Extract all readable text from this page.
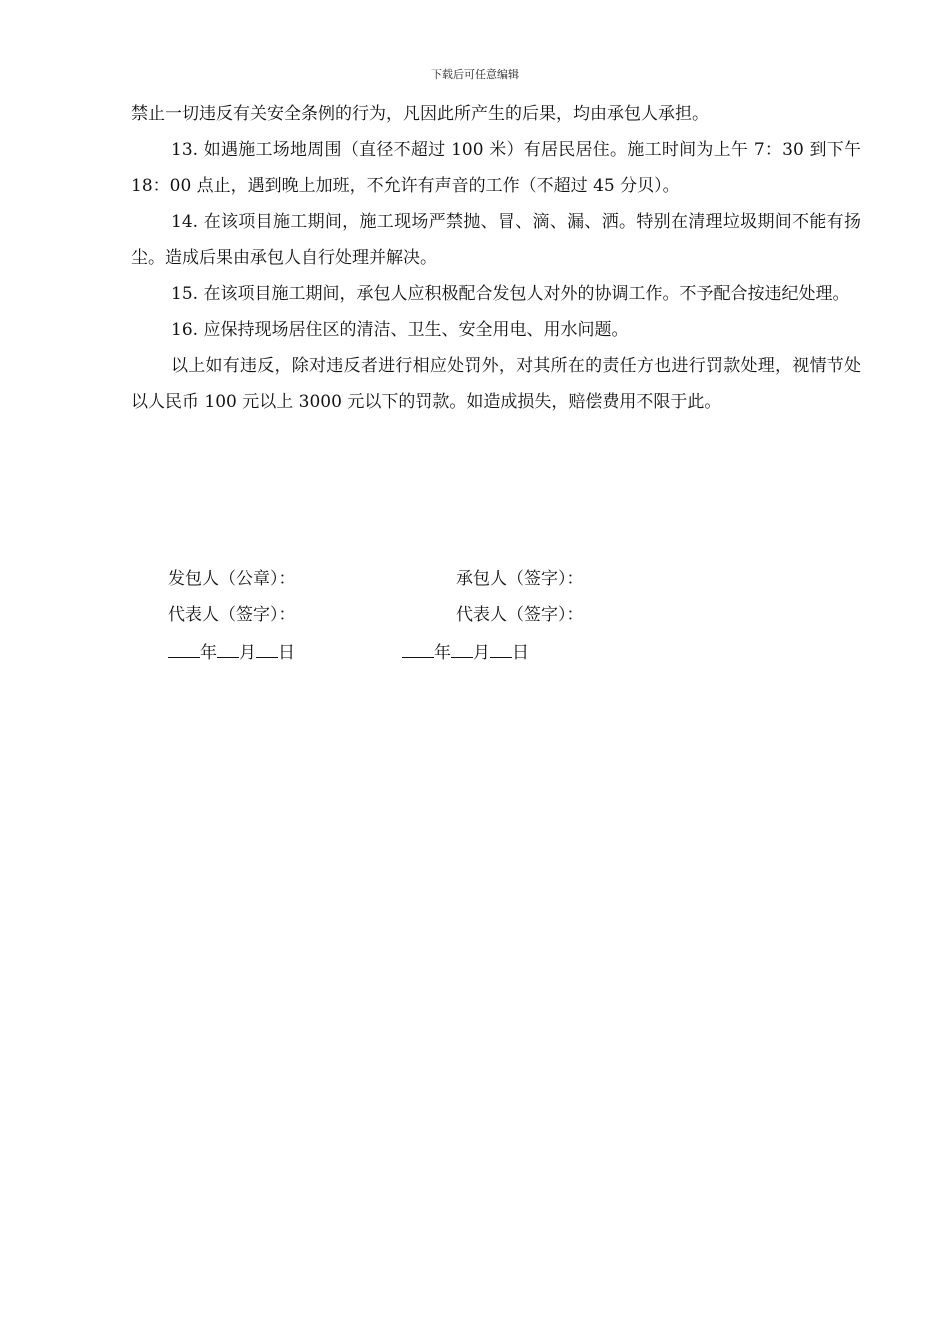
下载后可任意编辑

禁止一切违反有关安全条例的行为，凡因此所产生的后果，均由承包人承担。

13. 如遇施工场地周围（直径不超过 100 米）有居民居住。施工时间为上午 7：30 到下午 18：00 点止，遇到晚上加班，不允许有声音的工作（不超过 45 分贝）。

14. 在该项目施工期间，施工现场严禁抛、冒、滴、漏、洒。特别在清理垃圾期间不能有扬尘。造成后果由承包人自行处理并解决。

15. 在该项目施工期间，承包人应积极配合发包人对外的协调工作。不予配合按违纪处理。

16. 应保持现场居住区的清洁、卫生、安全用电、用水问题。

以上如有违反，除对违反者进行相应处罚外，对其所在的责任方也进行罚款处理，视情节处以人民币 100 元以上 3000 元以下的罚款。如造成损失，赔偿费用不限于此。

发包人（公章）：	承包人（签字）：
代表人（签字）：	代表人（签字）：
年 月 日	年 月 日
